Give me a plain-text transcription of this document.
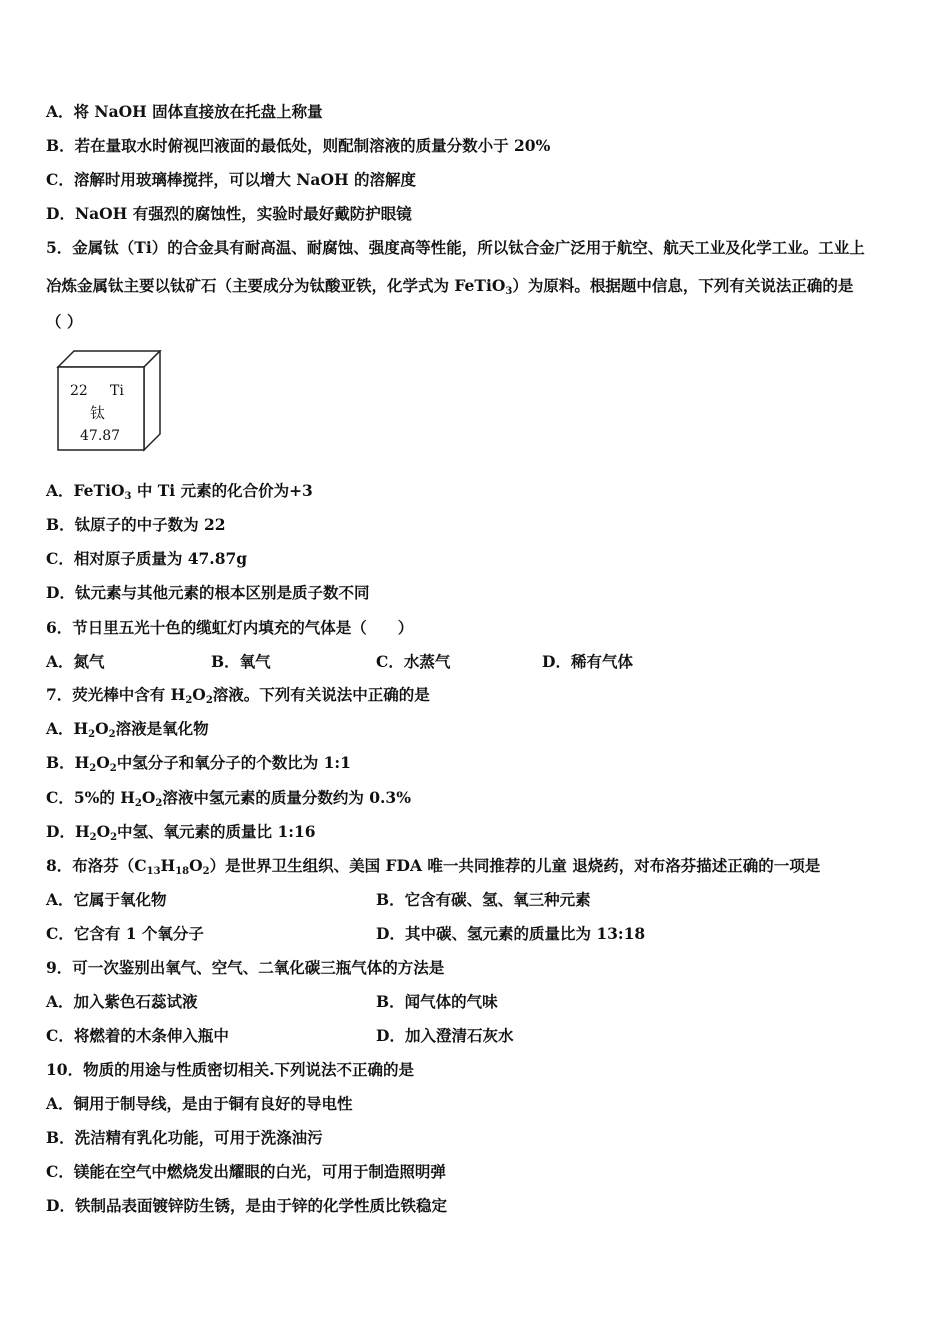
A．将 NaOH 固体直接放在托盘上称量
B．若在量取水时俯视凹液面的最低处，则配制溶液的质量分数小于 20%
C．溶解时用玻璃棒搅拌，可以增大 NaOH 的溶解度
D．NaOH 有强烈的腐蚀性，实验时最好戴防护眼镜
5．金属钛（Ti）的合金具有耐高温、耐腐蚀、强度高等性能，所以钛合金广泛用于航空、航天工业及化学工业。工业上
冶炼金属钛主要以钛矿石（主要成分为钛酸亚铁，化学式为 FeTiO$_3$）为原料。根据题中信息，下列有关说法正确的是
（ ）
22 Ti
钛
47.87
A．FeTiO$_3$ 中 Ti 元素的化合价为+3
B．钛原子的中子数为 22
C．相对原子质量为 47.87g
D．钛元素与其他元素的根本区别是质子数不同
6．节日里五光十色的缆虹灯内填充的气体是（　　）
A．氮气	B．氧气	C．水蒸气	D．稀有气体
7．荧光棒中含有 $H_2O_2$溶液。下列有关说法中正确的是
A．$H_2O_2$溶液是氧化物
B．$H_2O_2$中氢分子和氧分子的个数比为 1:1
C．5%的 $H_2O_2$溶液中氢元素的质量分数约为 0.3%
D．$H_2O_2$中氢、氧元素的质量比 1:16
8．布洛芬$(C_{13}H_{18}O_2)$是世界卫生组织、美国 FDA 唯一共同推荐的儿童 退烧药，对布洛芬描述正确的一项是
A．它属于氧化物	B．它含有碳、氢、氧三种元素
C．它含有 1 个氧分子	D．其中碳、氢元素的质量比为 13:18
9．可一次鉴别出氧气、空气、二氧化碳三瓶气体的方法是
A．加入紫色石蕊试液	B．闻气体的气味
C．将燃着的木条伸入瓶中	D．加入澄清石灰水
10．物质的用途与性质密切相关.下列说法不正确的是
A．铜用于制导线，是由于铜有良好的导电性
B．洗洁精有乳化功能，可用于洗涤油污
C．镁能在空气中燃烧发出耀眼的白光，可用于制造照明弹
D．铁制品表面镀锌防生锈，是由于锌的化学性质比铁稳定
